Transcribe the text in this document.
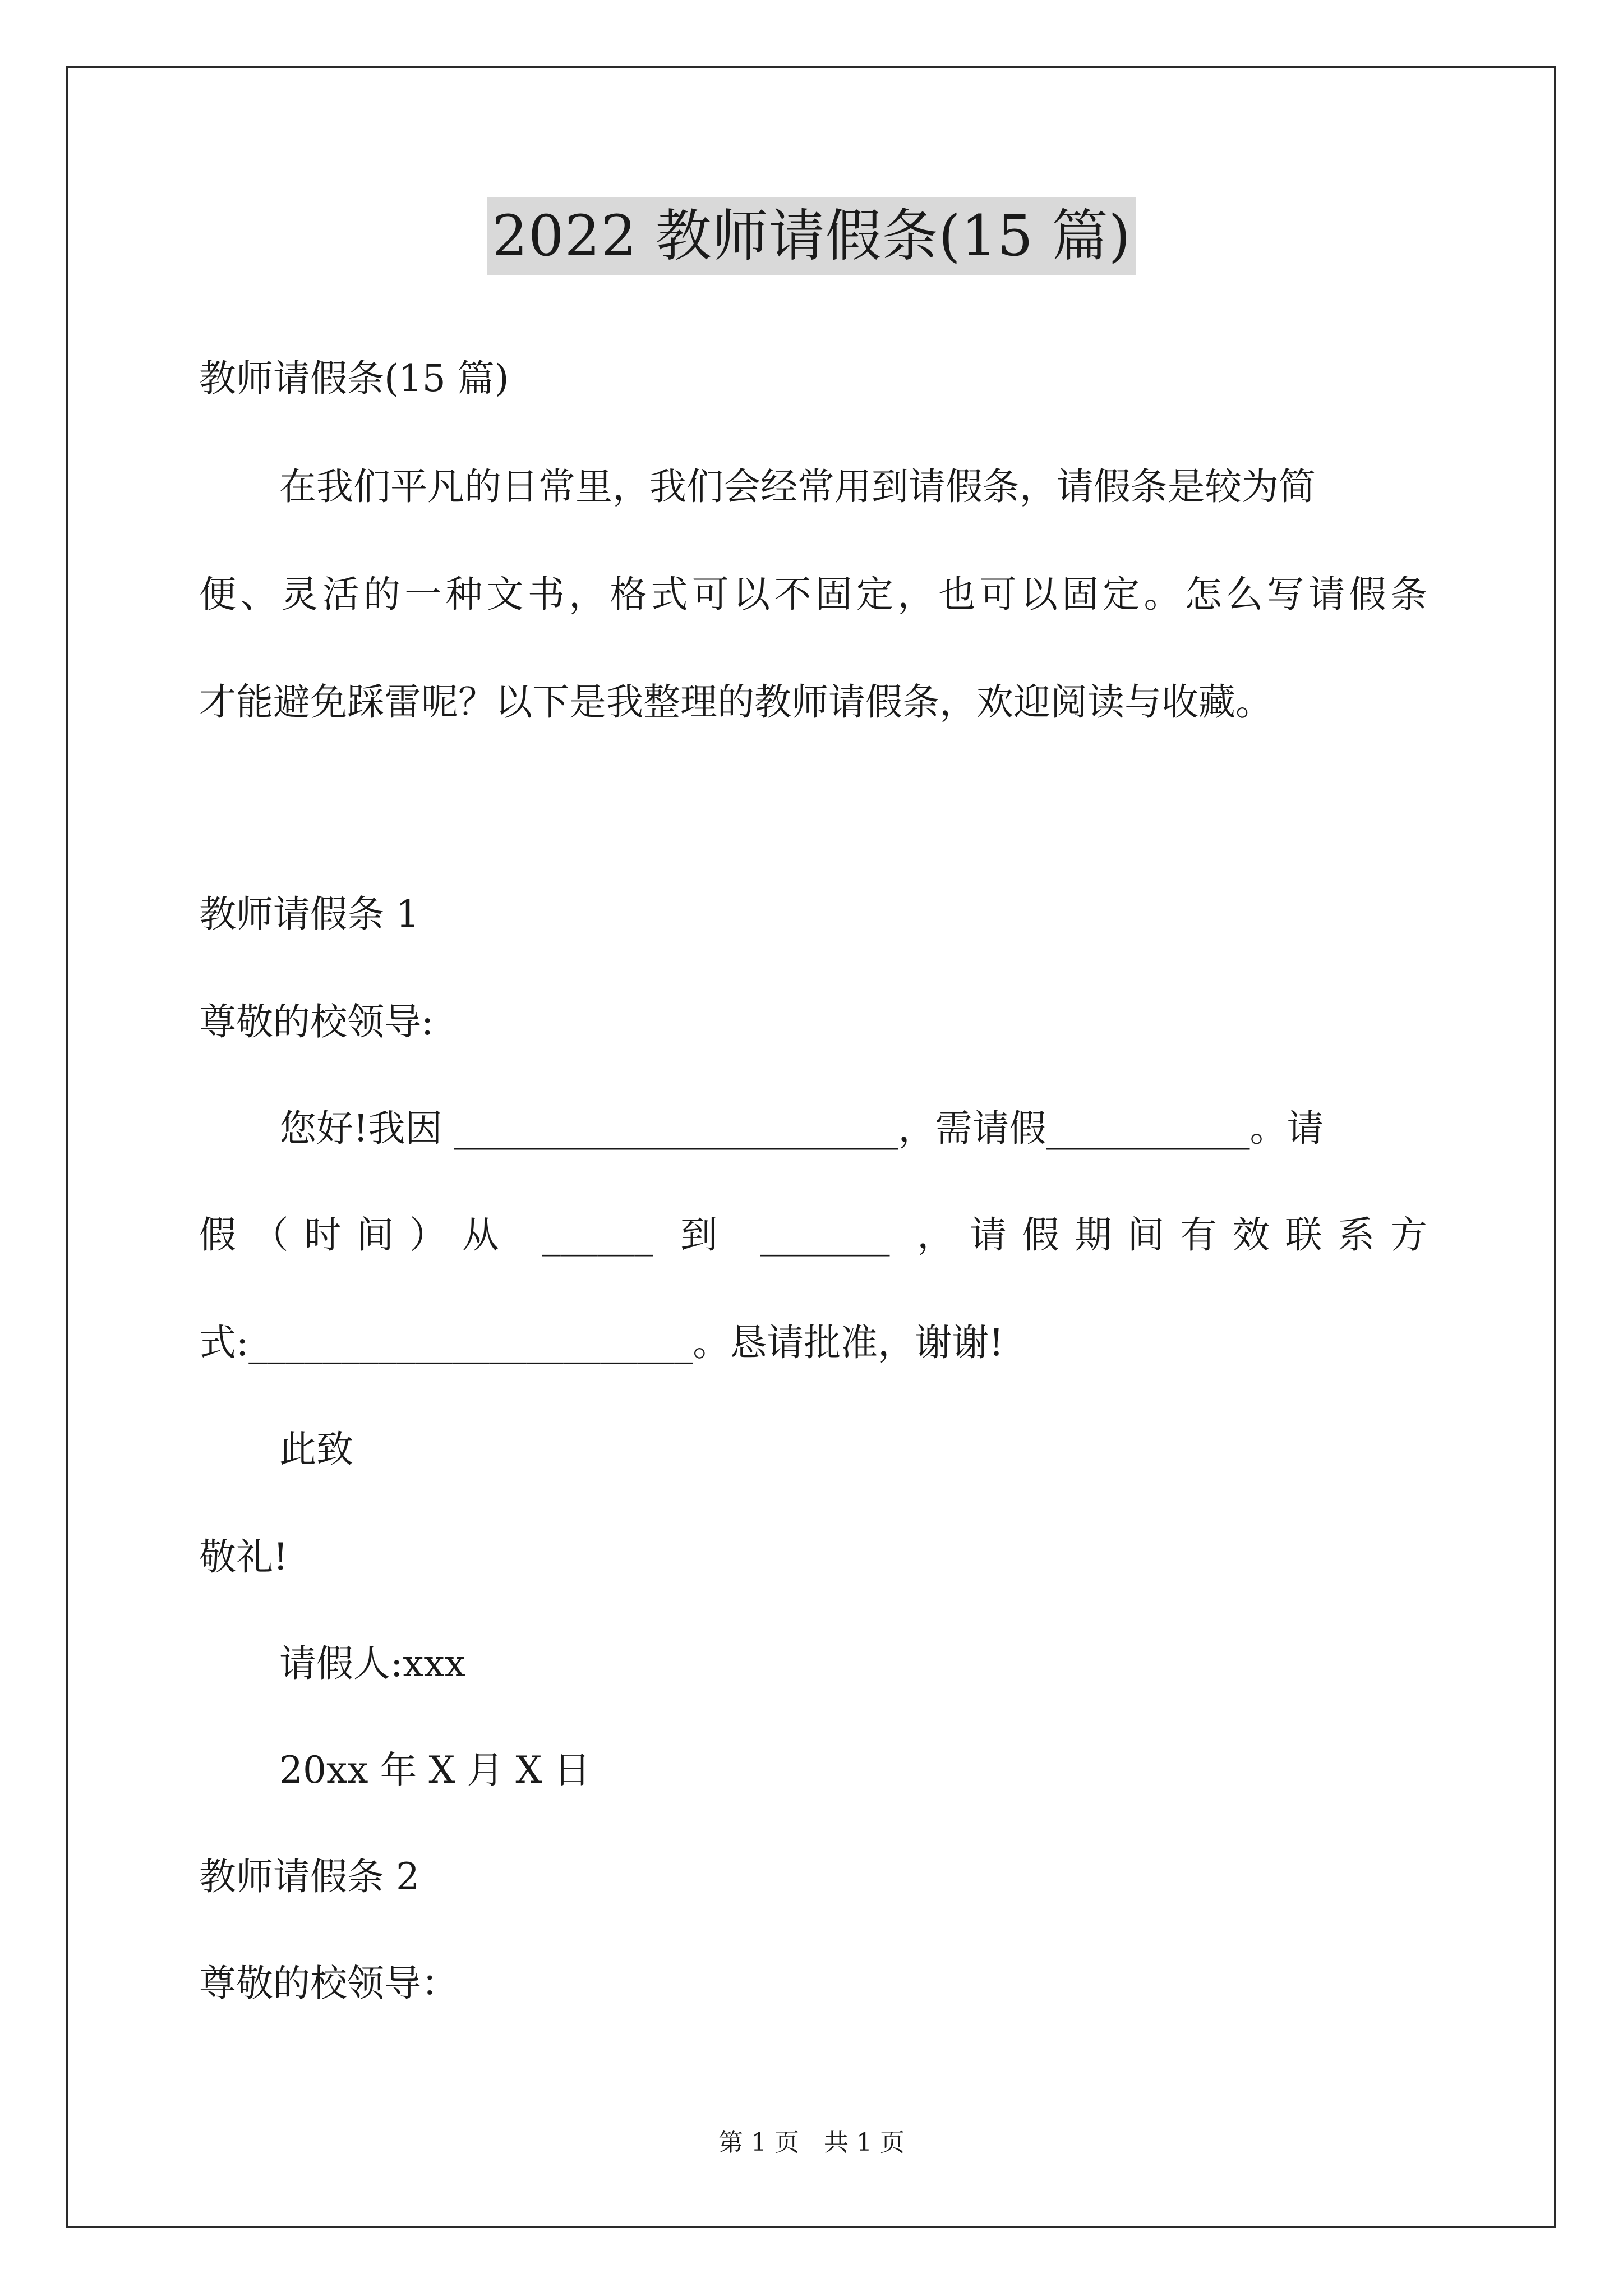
2022 教师请假条(15 篇)
教师请假条(15 篇)
在我们平凡的日常里，我们会经常用到请假条，请假条是较为简
便、灵活的一种文书，格式可以不固定，也可以固定。怎么写请假条
才能避免踩雷呢？以下是我整理的教师请假条，欢迎阅读与收藏。
教师请假条 1
尊敬的校领导:
您好!我因 ________________________，需请假___________。请
假（时间）从 ______ 到 _______ ，请假期间有效联系方
式:________________________。恳请批准，谢谢!
此致
敬礼!
请假人:xxx
20xx 年 X 月 X 日
教师请假条 2
尊敬的校领导：
第 1 页　共 1 页
